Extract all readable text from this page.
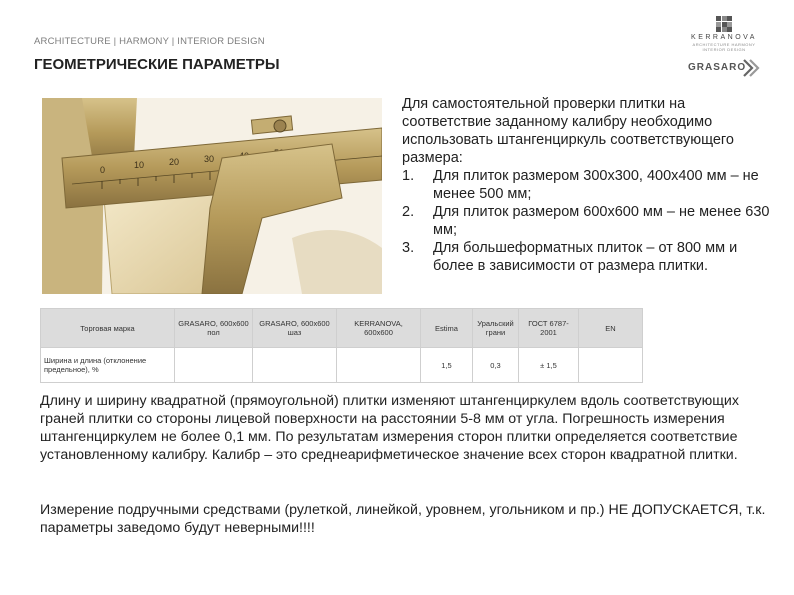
ARCHITECTURE | HARMONY | INTERIOR DESIGN	KERRANOVA
ARCHITECTURE HARMONY INTERIOR DESIGN
ГЕОМЕТРИЧЕСКИЕ ПАРАМЕТРЫ	GRASARO
0	10	20	30

Для самостоятельной проверки плитки на соответствие заданному калибру необходимо использовать штангенциркуль соответствующего размера:

1. Для плиток размером 300х300, 400х400 мм – не менее 500 мм;
2. Для плиток размером 600х600 мм – не менее 630 мм;
3. Для большеформатных плиток – от 800 мм и более в зависимости от размера плитки.
Торговая марка	GRASARO, 600х600 пол	GRASARO, 600х600 шаз	KERRANOVA, 600х600	Estima	Уральский грани	ГОСТ 6787-2001	EN
Ширина и длина (отклонение предельное), %				1,5	0,3	± 1,5	

Длину и ширину квадратной (прямоугольной) плитки изменяют штангенциркулем вдоль соответствующих граней плитки со стороны лицевой поверхности на расстоянии 5-8 мм от угла. Погрешность измерения штангенциркулем не более 0,1 мм. По результатам измерения сторон плитки определяется соответствие установленному калибру. Калибр – это среднеарифметическое значение всех сторон квадратной плитки.

Измерение подручными средствами (рулеткой, линейкой, уровнем, угольником и пр.) НЕ ДОПУСКАЕТСЯ, т.к. параметры заведомо будут неверными!!!!
